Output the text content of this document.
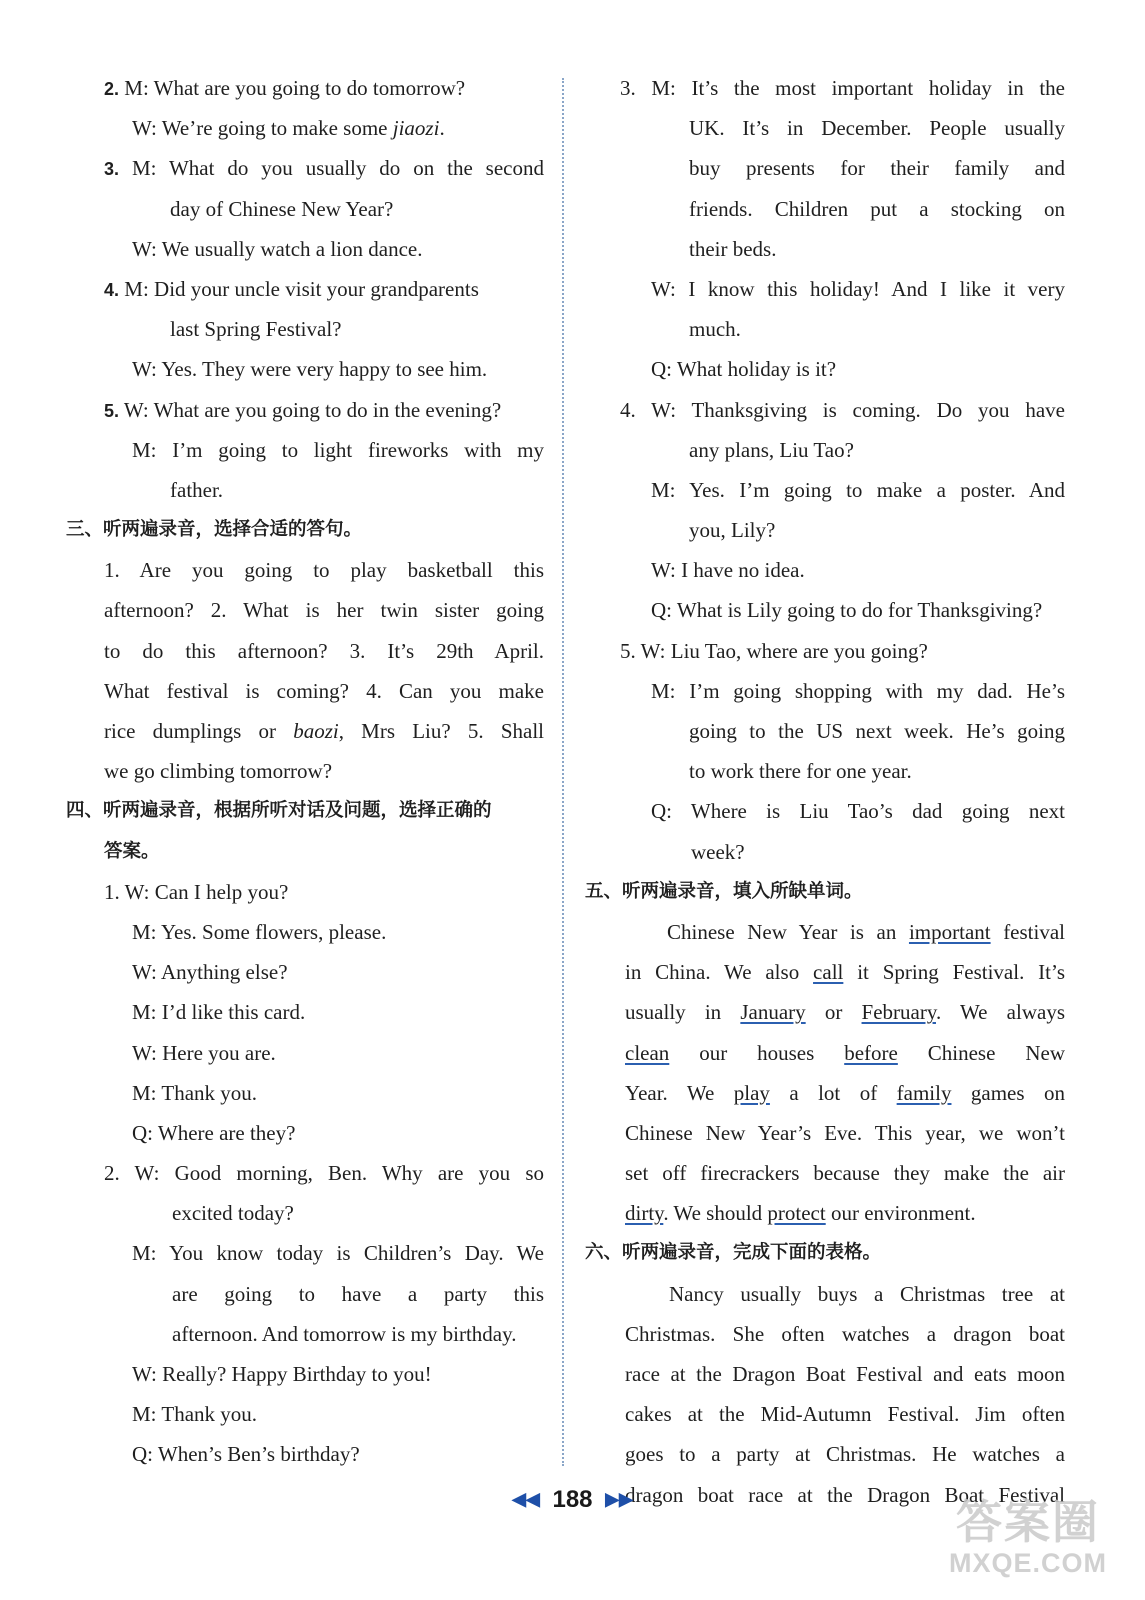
2. M: What are you going to do tomorrow?
W: We’re going to make some jiaozi.
3. M: What do you usually do on the second
day of Chinese New Year?
W: We usually watch a lion dance.
4. M: Did your uncle visit your grandparents
last Spring Festival?
W: Yes. They were very happy to see him.
5. W: What are you going to do in the evening?
M: I’m going to light fireworks with my
father.
三、听两遍录音，选择合适的答句。
1. Are you going to play basketball this
afternoon? 2. What is her twin sister going
to do this afternoon? 3. It’s 29th April.
What festival is coming? 4. Can you make
rice dumplings or baozi, Mrs Liu? 5. Shall
we go climbing tomorrow?
四、听两遍录音，根据所听对话及问题，选择正确的
答案。
1. W: Can I help you?
M: Yes. Some flowers, please.
W: Anything else?
M: I’d like this card.
W: Here you are.
M: Thank you.
Q: Where are they?
2. W: Good morning, Ben. Why are you so
excited today?
M: You know today is Children’s Day. We
are going to have a party this
afternoon. And tomorrow is my birthday.
W: Really? Happy Birthday to you!
M: Thank you.
Q: When’s Ben’s birthday?
3. M: It’s the most important holiday in the
UK. It’s in December. People usually
buy presents for their family and
friends. Children put a stocking on
their beds.
W: I know this holiday! And I like it very
much.
Q: What holiday is it?
4. W: Thanksgiving is coming. Do you have
any plans, Liu Tao?
M: Yes. I’m going to make a poster. And
you, Lily?
W: I have no idea.
Q: What is Lily going to do for Thanksgiving?
5. W: Liu Tao, where are you going?
M: I’m going shopping with my dad. He’s
going to the US next week. He’s going
to work there for one year.
Q: Where is Liu Tao’s dad going next
week?
五、听两遍录音，填入所缺单词。
Chinese New Year is an important festival
in China. We also call it Spring Festival. It’s
usually in January or February. We always
clean our houses before Chinese New
Year. We play a lot of family games on
Chinese New Year’s Eve. This year, we won’t
set off firecrackers because they make the air
dirty. We should protect our environment.
六、听两遍录音，完成下面的表格。
Nancy usually buys a Christmas tree at
Christmas. She often watches a dragon boat
race at the Dragon Boat Festival and eats moon
cakes at the Mid-Autumn Festival. Jim often
goes to a party at Christmas. He watches a
dragon boat race at the Dragon Boat Festival
◀◀ 188 ▶▶	答案圈
MXQE.COM
